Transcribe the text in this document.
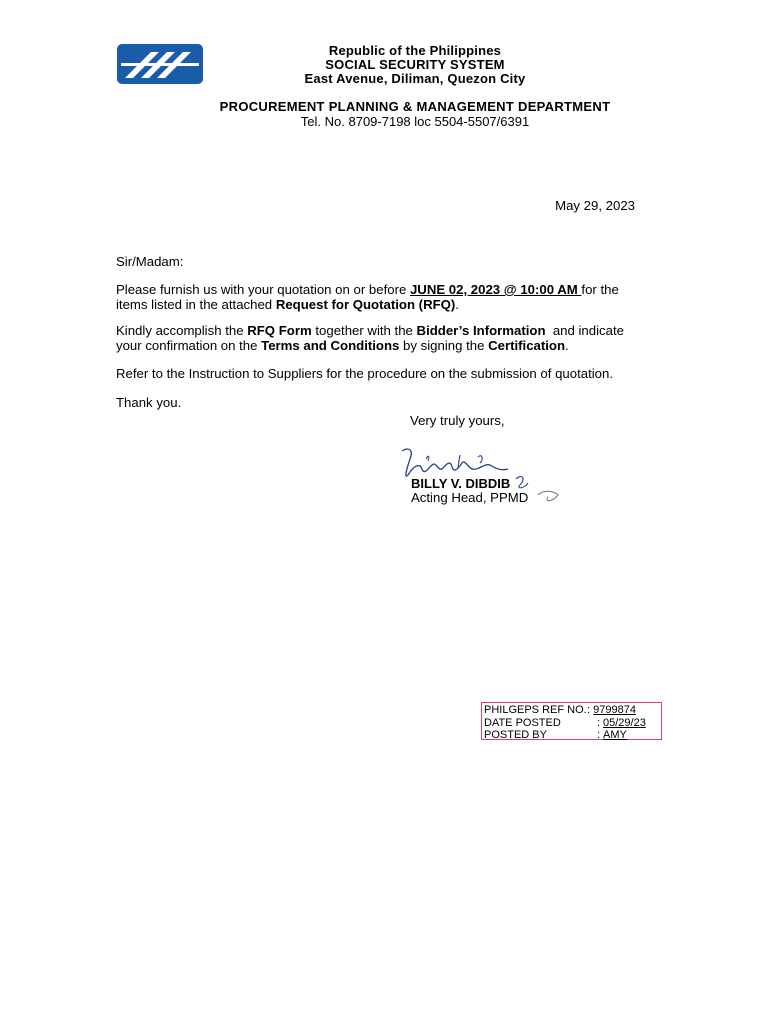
Republic of the Philippines
SOCIAL SECURITY SYSTEM
East Avenue, Diliman, Quezon City
PROCUREMENT PLANNING & MANAGEMENT DEPARTMENT
Tel. No. 8709-7198 loc 5504-5507/6391
May 29, 2023
Sir/Madam:
Please furnish us with your quotation on or before JUNE 02, 2023 @ 10:00 AM for the
items listed in the attached Request for Quotation (RFQ).
Kindly accomplish the RFQ Form together with the Bidder’s Information  and indicate
your confirmation on the Terms and Conditions by signing the Certification.
Refer to the Instruction to Suppliers for the procedure on the submission of quotation.
Thank you.
Very truly yours,
BILLY V. DIBDIB
Acting Head, PPMD
PHILGEPS REF NO. : 9799874
DATE POSTED	: 05/29/23
POSTED BY	: AMY
